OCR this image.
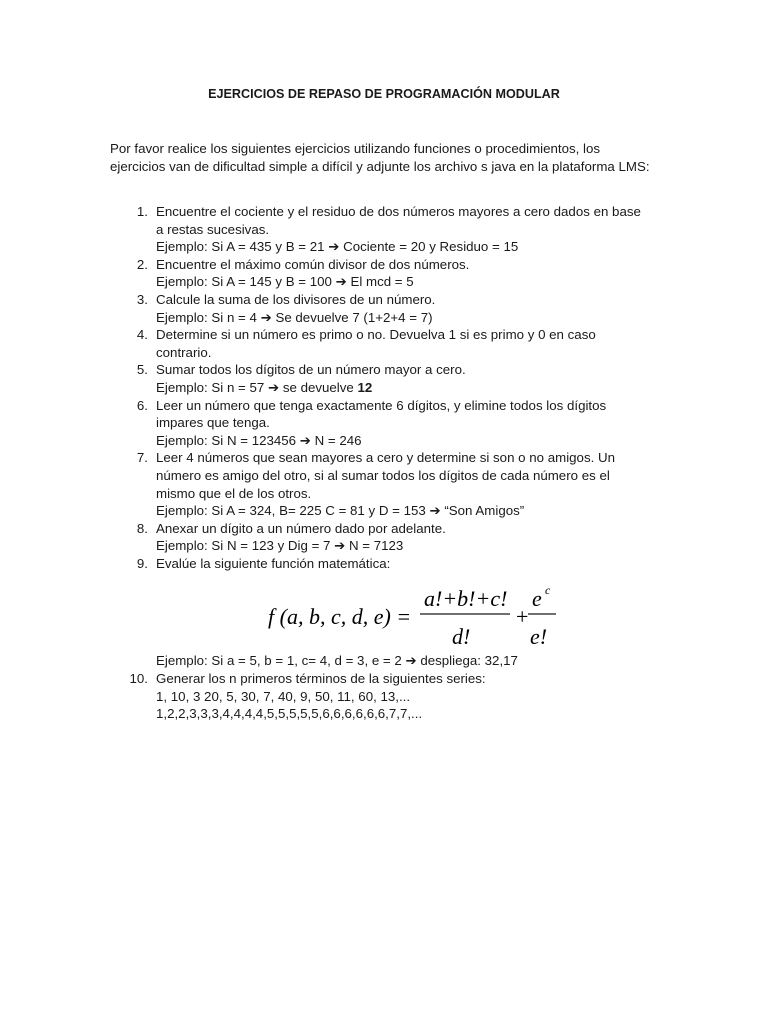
EJERCICIOS DE REPASO DE PROGRAMACIÓN MODULAR
Por favor realice los siguientes ejercicios utilizando funciones o procedimientos, los ejercicios van de dificultad simple a difícil y adjunte los archivo s java en la plataforma LMS:
1. Encuentre el cociente y el residuo de dos números mayores a cero dados en base
a restas sucesivas.
Ejemplo: Si A = 435 y B = 21 ➔ Cociente = 20 y Residuo = 15
2. Encuentre el máximo común divisor de dos números.
Ejemplo: Si A = 145 y B = 100 ➔ El mcd = 5
3. Calcule la suma de los divisores de un número.
Ejemplo: Si n = 4 ➔ Se devuelve 7 (1+2+4 = 7)
4. Determine si un número es primo o no. Devuelva 1 si es primo y 0 en caso
contrario.
5. Sumar todos los dígitos de un número mayor a cero.
Ejemplo: Si n = 57 ➔ se devuelve 12
6. Leer un número que tenga exactamente 6 dígitos, y elimine todos los dígitos
impares que tenga.
Ejemplo: Si N = 123456 ➔ N = 246
7. Leer 4 números que sean mayores a cero y determine si son o no amigos. Un
número es amigo del otro, si al sumar todos los dígitos de cada número es el
mismo que el de los otros.
Ejemplo: Si A = 324, B= 225 C = 81 y D = 153 ➔ “Son Amigos”
8. Anexar un dígito a un número dado por adelante.
Ejemplo: Si N = 123 y Dig = 7 ➔ N = 7123
9. Evalúe la siguiente función matemática:
f (a, b, c, d, e) =
a!+b!+c!
d!
+
e c
e!
Ejemplo: Si a = 5, b = 1, c= 4, d = 3, e = 2 ➔ despliega: 32,17
10. Generar los n primeros términos de la siguientes series:
1, 10, 3 20, 5, 30, 7, 40, 9, 50, 11, 60, 13,...
1,2,2,3,3,3,4,4,4,4,5,5,5,5,5,6,6,6,6,6,6,7,7,...
